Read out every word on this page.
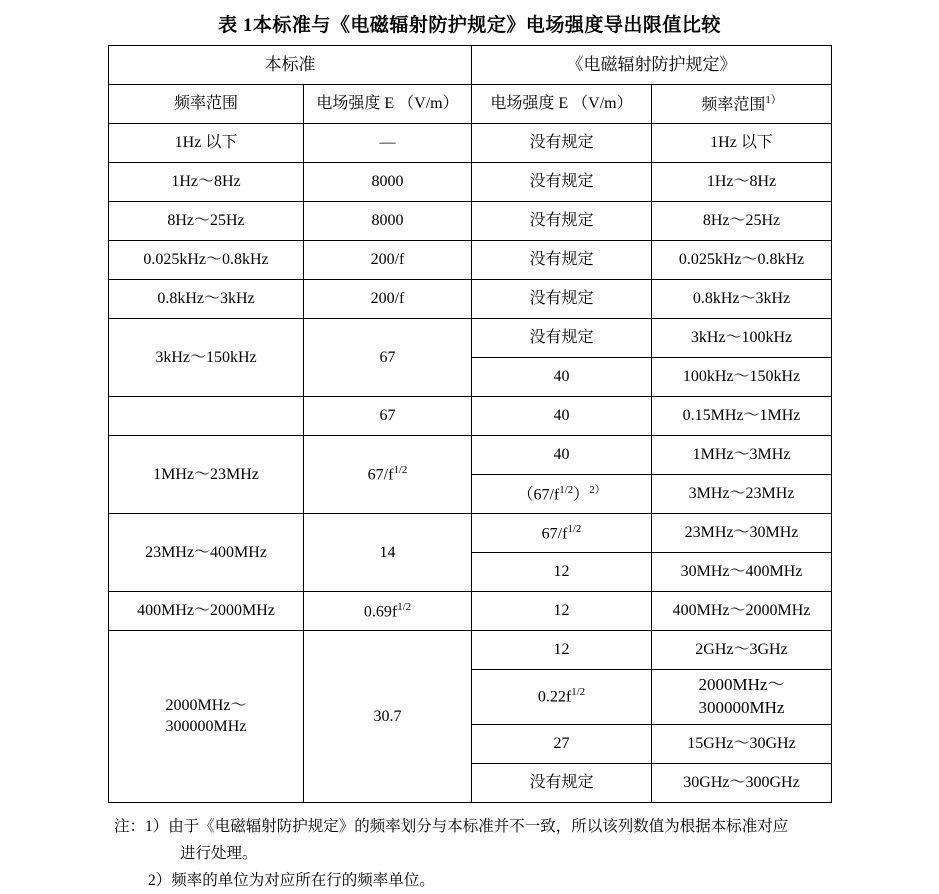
表 1本标准与《电磁辐射防护规定》电场强度导出限值比较
本标准		《电磁辐射防护规定》	
频率范围	电场强度 E （V/m）	电场强度 E （V/m）	频率范围$^{1)}$
1Hz 以下	—	没有规定	1Hz 以下
1Hz～8Hz	8000	没有规定	1Hz～8Hz
8Hz～25Hz	8000	没有规定	8Hz～25Hz
0.025kHz～0.8kHz	200/f	没有规定	0.025kHz～0.8kHz
0.8kHz～3kHz	200/f	没有规定	0.8kHz～3kHz
3kHz～150kHz	67	没有规定	3kHz～100kHz
		40	100kHz～150kHz
	67	40	0.15MHz～1MHz
1MHz～23MHz	$67/f^{1/2}$	40	1MHz～3MHz
		$(67/f^{1/2})^{2)}$	3MHz～23MHz
23MHz～400MHz	14	$67/f^{1/2}$	23MHz～30MHz
		12	30MHz～400MHz
400MHz～2000MHz	$0.69f^{1/2}$	12	400MHz～2000MHz

2000MHz～
300000MHz	30.7	12	2GHz～3GHz
		$0.22f^{1/2}$	2000MHz～
300000MHz

		27	15GHz～30GHz
		没有规定	30GHz～300GHz
注：1） 由于《电磁辐射防护规定》的频率划分与本标准并不一致，所以该列数值为根据本标准对应
进行处理。
2） 频率的单位为对应所在行的频率单位。
